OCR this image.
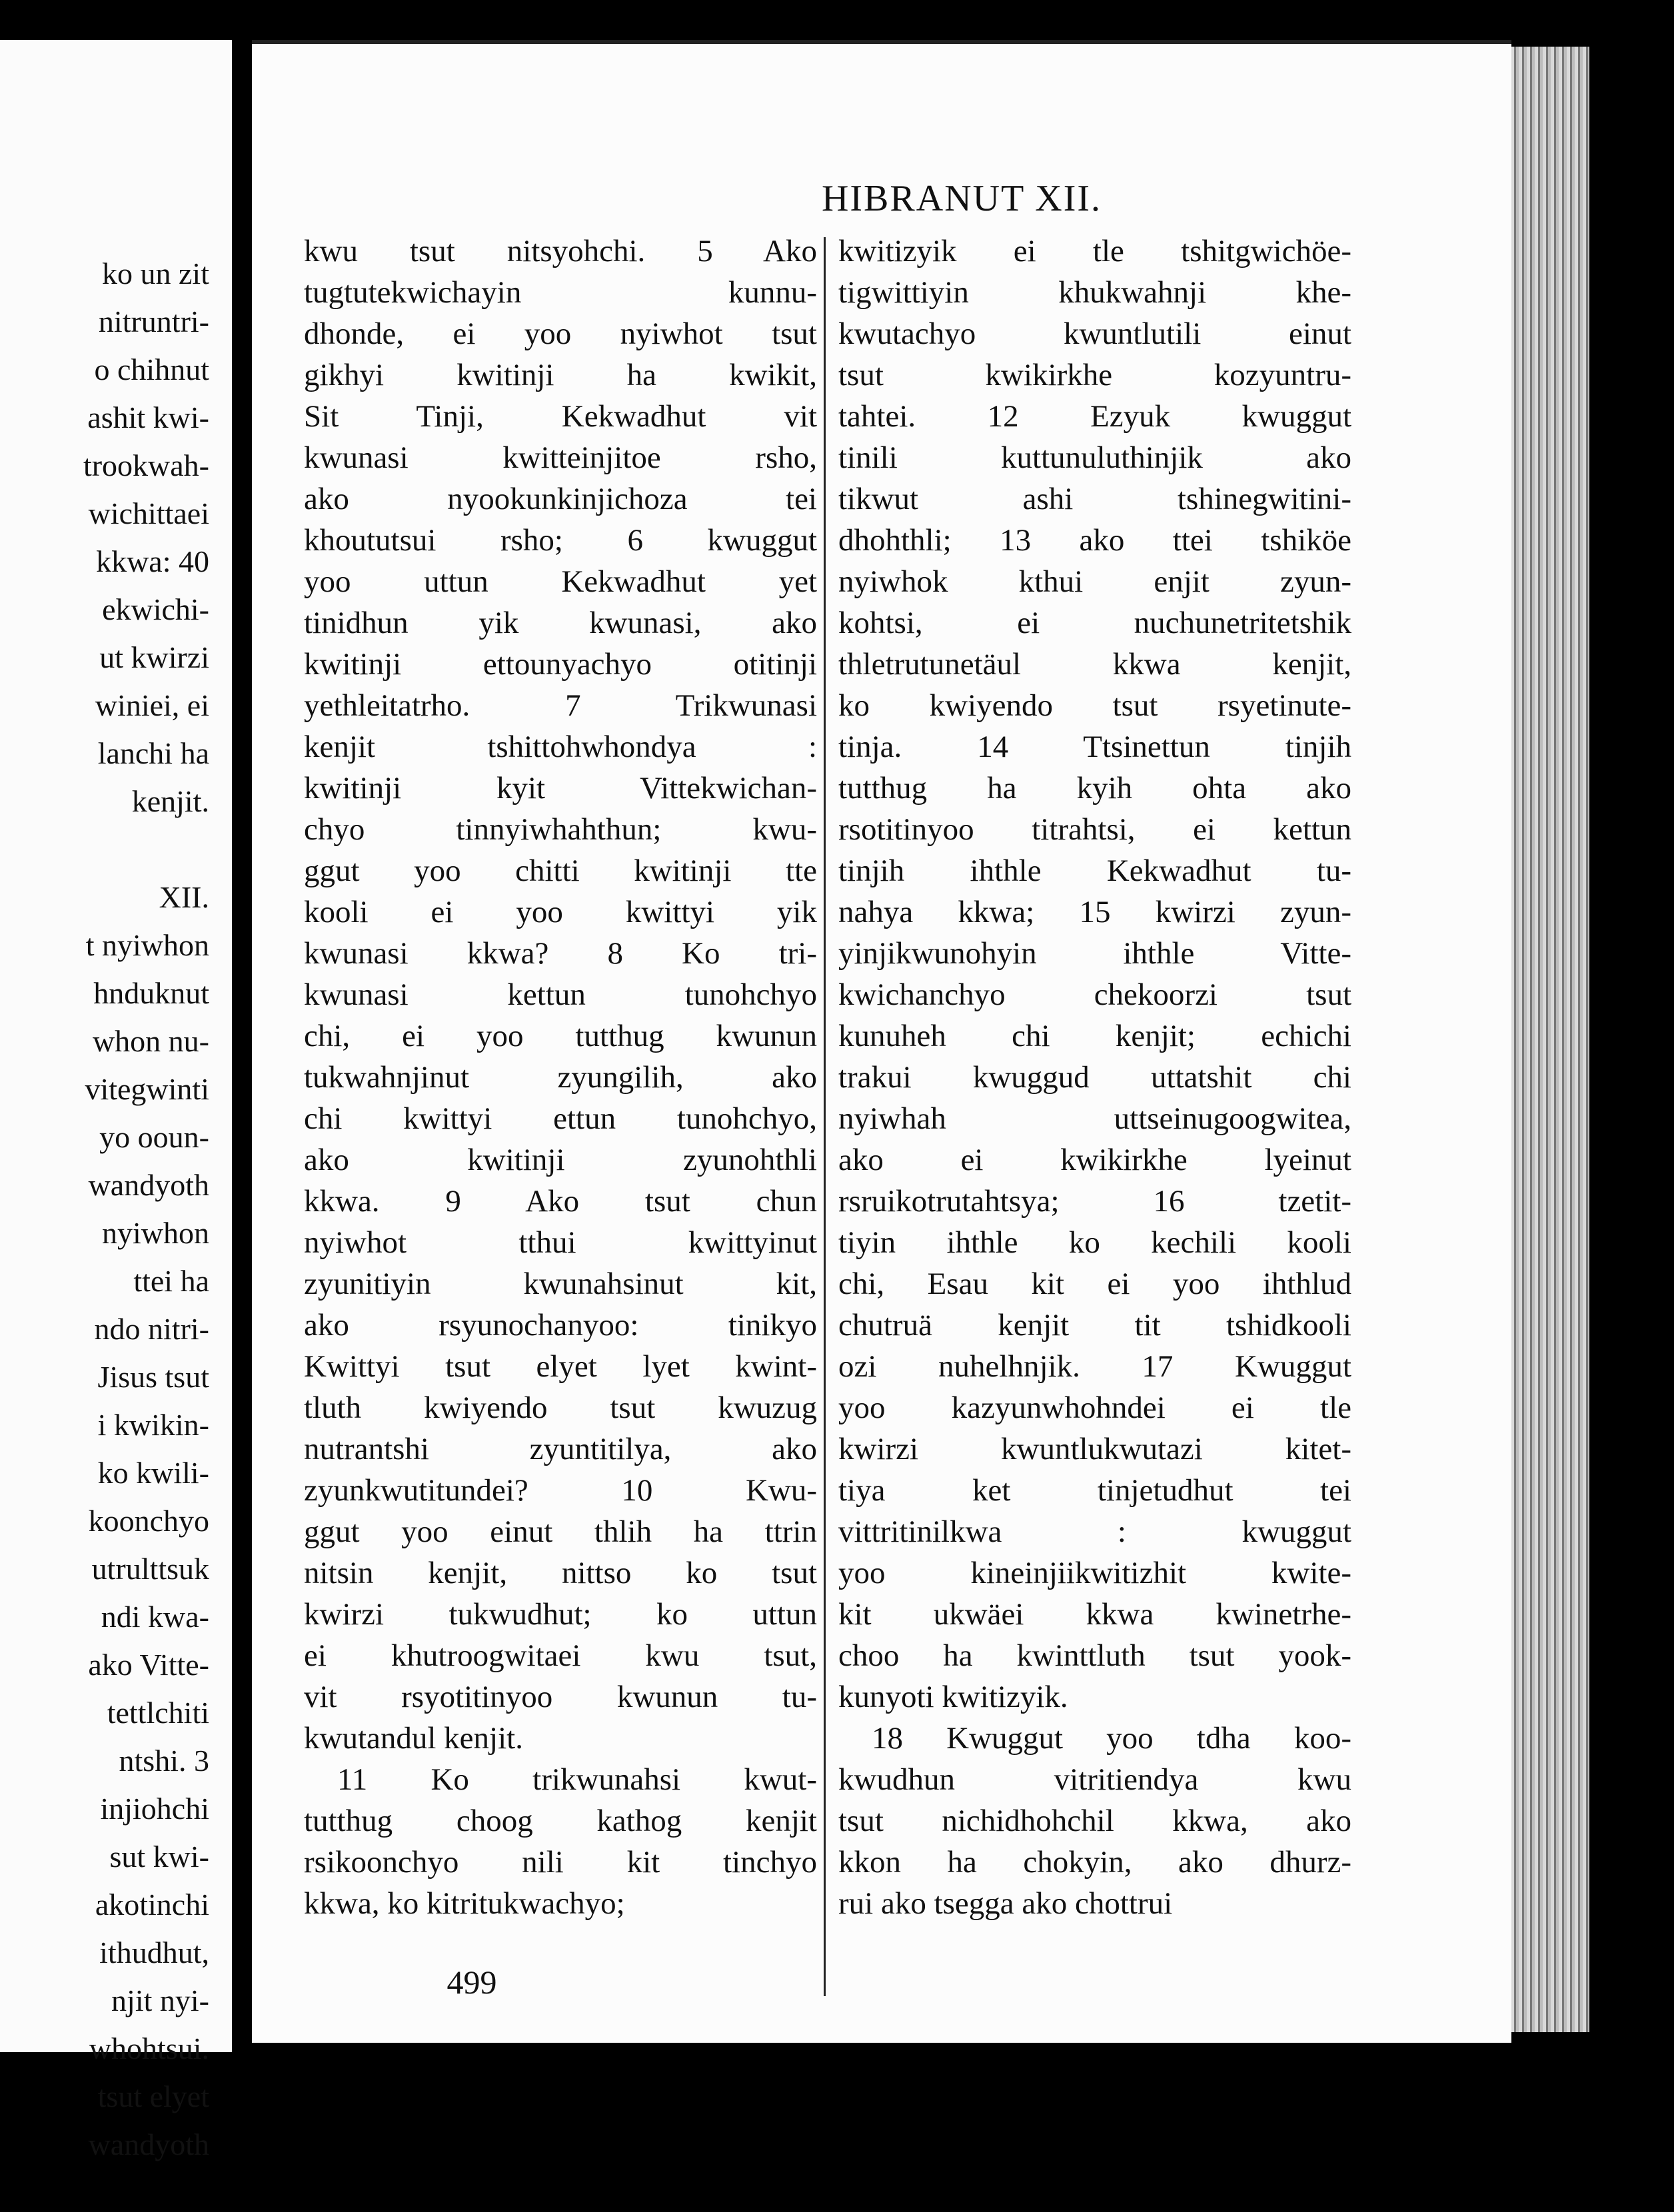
ko un zit
nitruntri-
o chihnut
ashit kwi-
trookwah-
wichittaei
kkwa: 40
ekwichi-
ut kwirzi
winiei, ei
lanchi ha
kenjit.
XII.
t nyiwhon
hnduknut
whon nu-
vitegwinti
yo ooun-
wandyoth
nyiwhon
ttei ha
ndo nitri-
Jisus tsut
i kwikin-
ko kwili-
koonchyo
utrulttsuk
ndi kwa-
ako Vitte-
tettlchiti
ntshi. 3
injiohchi
sut kwi-
akotinchi
ithudhut,
njit nyi-
whohtsui.
tsut elyet
wandyoth
HIBRANUT XII.
kwu tsut nitsyohchi. 5 Ako
tugtutekwichayin kunnu-
dhonde, ei yoo nyiwhot tsut
gikhyi kwitinji ha kwikit,
Sit Tinji, Kekwadhut vit
kwunasi kwitteinjitoe rsho,
ako nyookunkinjichoza tei
khoututsui rsho; 6 kwuggut
yoo uttun Kekwadhut yet
tinidhun yik kwunasi, ako
kwitinji ettounyachyo otitinji
yethleitatrho. 7 Trikwunasi
kenjit tshittohwhondya :
kwitinji kyit Vittekwichan-
chyo tinnyiwhahthun; kwu-
ggut yoo chitti kwitinji tte
kooli ei yoo kwittyi yik
kwunasi kkwa? 8 Ko tri-
kwunasi kettun tunohchyo
chi, ei yoo tutthug kwunun
tukwahnjinut zyungilih, ako
chi kwittyi ettun tunohchyo,
ako kwitinji zyunohthli
kkwa. 9 Ako tsut chun
nyiwhot tthui kwittyinut
zyunitiyin kwunahsinut kit,
ako rsyunochanyoo: tinikyo
Kwittyi tsut elyet lyet kwint-
tluth kwiyendo tsut kwuzug
nutrantshi zyuntitilya, ako
zyunkwutitundei? 10 Kwu-
ggut yoo einut thlih ha ttrin
nitsin kenjit, nittso ko tsut
kwirzi tukwudhut; ko uttun
ei khutroogwitaei kwu tsut,
vit rsyotitinyoo kwunun tu-
kwutandul kenjit.
11 Ko trikwunahsi kwut-
tutthug choog kathog kenjit
rsikoonchyo nili kit tinchyo
kkwa, ko kitritukwachyo;
kwitizyik ei tle tshitgwichöe-
tigwittiyin khukwahnji khe-
kwutachyo kwuntlutili einut
tsut kwikirkhe kozyuntru-
tahtei. 12 Ezyuk kwuggut
tinili kuttunuluthinjik ako
tikwut ashi tshinegwitini-
dhohthli; 13 ako ttei tshiköe
nyiwhok kthui enjit zyun-
kohtsi, ei nuchunetritetshik
thletrutunetäul kkwa kenjit,
ko kwiyendo tsut rsyetinute-
tinja. 14 Ttsinettun tinjih
tutthug ha kyih ohta ako
rsotitinyoo titrahtsi, ei kettun
tinjih ihthle Kekwadhut tu-
nahya kkwa; 15 kwirzi zyun-
yinjikwunohyin ihthle Vitte-
kwichanchyo chekoorzi tsut
kunuheh chi kenjit; echichi
trakui kwuggud uttatshit chi
nyiwhah uttseinugoogwitea,
ako ei kwikirkhe lyeinut
rsruikotrutahtsya; 16 tzetit-
tiyin ihthle ko kechili kooli
chi, Esau kit ei yoo ihthlud
chutruä kenjit tit tshidkooli
ozi nuhelhnjik. 17 Kwuggut
yoo kazyunwhohndei ei tle
kwirzi kwuntlukwutazi kitet-
tiya ket tinjetudhut tei
vittritinilkwa : kwuggut
yoo kineinjiikwitizhit kwite-
kit ukwäei kkwa kwinetrhe-
choo ha kwinttluth tsut yook-
kunyoti kwitizyik.
18 Kwuggut yoo tdha koo-
kwudhun vitritiendya kwu
tsut nichidhohchil kkwa, ako
kkon ha chokyin, ako dhurz-
rui ako tsegga ako chottrui
499
